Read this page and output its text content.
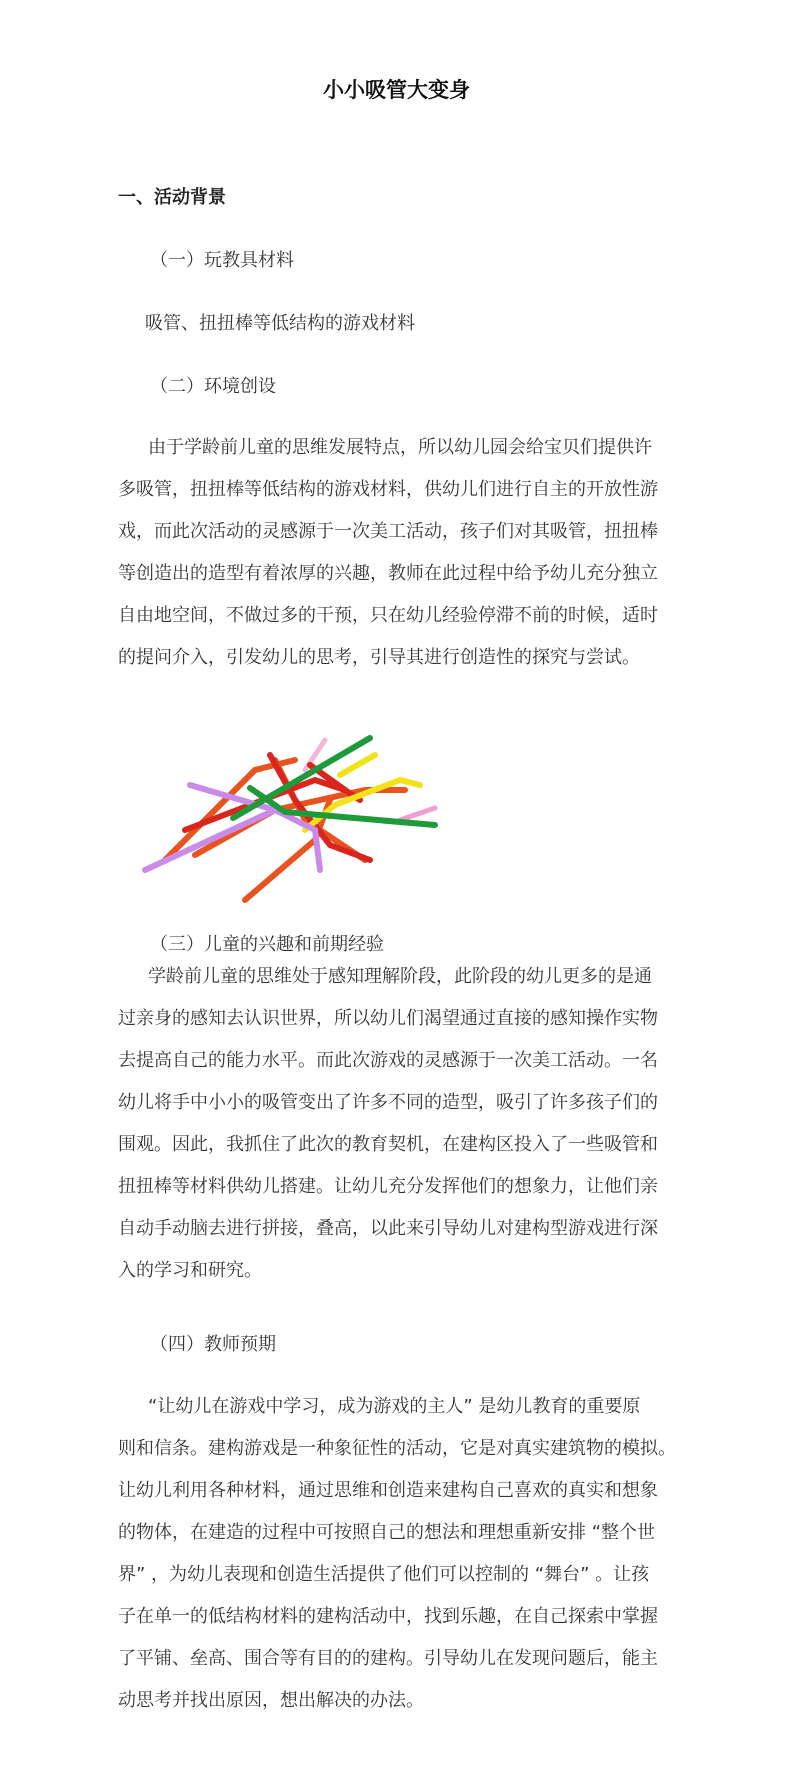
小小吸管大变身
一、活动背景
（一）玩教具材料
吸管、扭扭棒等低结构的游戏材料
（二）环境创设
由于学龄前儿童的思维发展特点，所以幼儿园会给宝贝们提供许
多吸管，扭扭棒等低结构的游戏材料，供幼儿们进行自主的开放性游
戏，而此次活动的灵感源于一次美工活动，孩子们对其吸管，扭扭棒
等创造出的造型有着浓厚的兴趣，教师在此过程中给予幼儿充分独立
自由地空间，不做过多的干预，只在幼儿经验停滞不前的时候，适时
的提问介入，引发幼儿的思考，引导其进行创造性的探究与尝试。
（三）儿童的兴趣和前期经验
学龄前儿童的思维处于感知理解阶段，此阶段的幼儿更多的是通
过亲身的感知去认识世界，所以幼儿们渴望通过直接的感知操作实物
去提高自己的能力水平。而此次游戏的灵感源于一次美工活动。一名
幼儿将手中小小的吸管变出了许多不同的造型，吸引了许多孩子们的
围观。因此，我抓住了此次的教育契机，在建构区投入了一些吸管和
扭扭棒等材料供幼儿搭建。让幼儿充分发挥他们的想象力，让他们亲
自动手动脑去进行拼接，叠高，以此来引导幼儿对建构型游戏进行深
入的学习和研究。
（四）教师预期
“让幼儿在游戏中学习，成为游戏的主人” 是幼儿教育的重要原
则和信条。建构游戏是一种象征性的活动，它是对真实建筑物的模拟。
让幼儿利用各种材料，通过思维和创造来建构自己喜欢的真实和想象
的物体，在建造的过程中可按照自己的想法和理想重新安排 “整个世
界” ，为幼儿表现和创造生活提供了他们可以控制的 “舞台” 。让孩
子在单一的低结构材料的建构活动中，找到乐趣，在自己探索中掌握
了平铺、垒高、围合等有目的的建构。引导幼儿在发现问题后，能主
动思考并找出原因，想出解决的办法。
